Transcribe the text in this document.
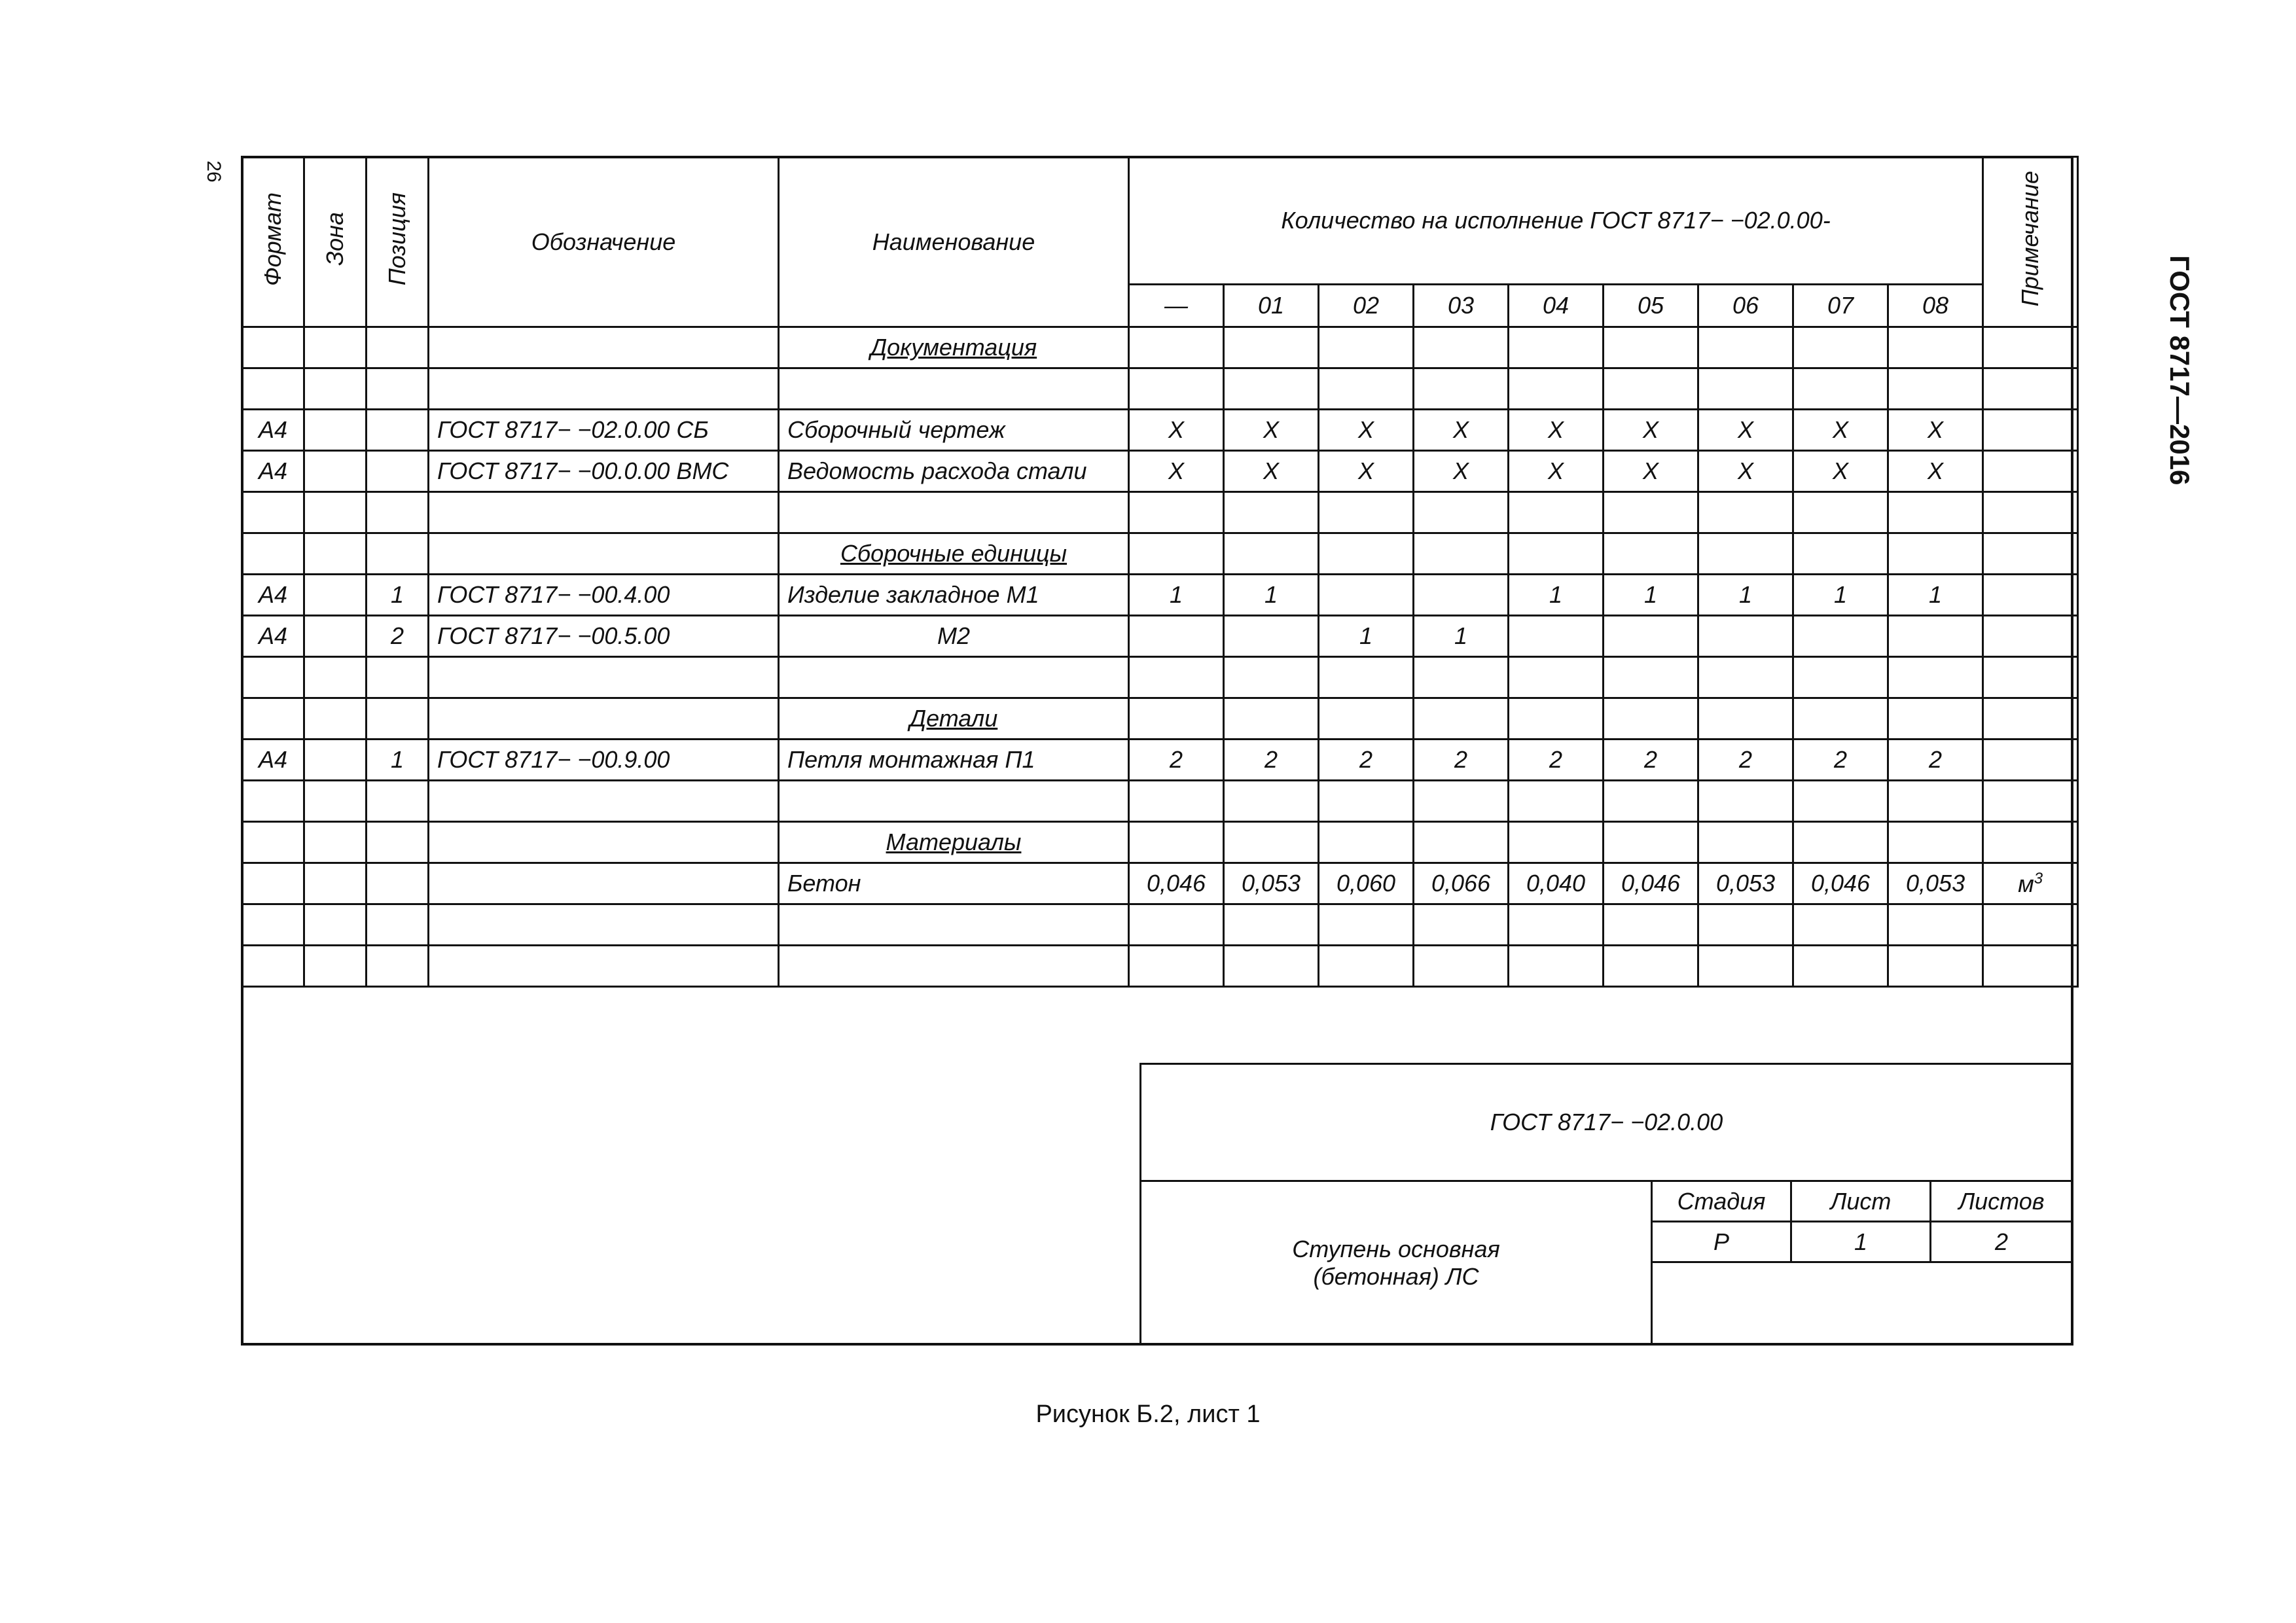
26
ГОСТ 8717—2016
Формат	Зона	Позиция	Обозначение	Наименование	Количество на исполнение ГОСТ 8717− −02.0.00-									Примечание
					—	01	02	03	04	05	06	07	08	
				Документация										

А4			ГОСТ 8717− −02.0.00 СБ	Сборочный чертеж	X	X	X	X	X	X	X	X	X	
А4			ГОСТ 8717− −00.0.00 ВМС	Ведомость расхода стали	X	X	X	X	X	X	X	X	X	

				Сборочные единицы										
А4		1	ГОСТ 8717− −00.4.00	Изделие закладное М1	1	1			1	1	1	1	1	
А4		2	ГОСТ 8717− −00.5.00	М2			1	1						

				Детали										
А4		1	ГОСТ 8717− −00.9.00	Петля монтажная П1	2	2	2	2	2	2	2	2	2	

				Материалы										
				Бетон	0,046	0,053	0,060	0,066	0,040	0,046	0,053	0,046	0,053	$м^3$

ГОСТ 8717− −02.0.00
Ступень основная
(бетонная) ЛС
Стадия	Лист	Листов
Р	1	2
Рисунок Б.2, лист 1
